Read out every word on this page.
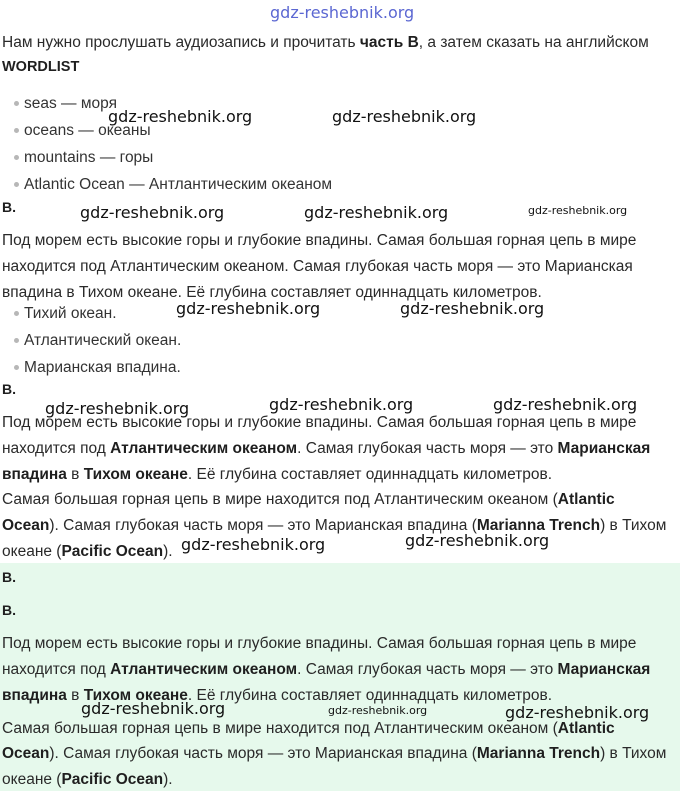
gdz-reshebnik.org
Нам нужно прослушать аудиозапись и прочитать часть B, а затем сказать на английском
WORDLIST
seas — моря
oceans — океаны
mountains — горы
Atlantic Ocean — Антлантическим океаном
B.
Под морем есть высокие горы и глубокие впадины. Самая большая горная цепь в мире
находится под Атлантическим океаном. Самая глубокая часть моря — это Марианская
впадина в Тихом океане. Её глубина составляет одиннадцать километров.
Тихий океан.
Атлантический океан.
Марианская впадина.
B.
Под морем есть высокие горы и глубокие впадины. Самая большая горная цепь в мире
находится под Атлантическим океаном. Самая глубокая часть моря — это Марианская
впадина в Тихом океане. Её глубина составляет одиннадцать километров.
Самая большая горная цепь в мире находится под Атлантическим океаном (Atlantic
Ocean). Самая глубокая часть моря — это Марианская впадина (Marianna Trench) в Тихом
океане (Pacific Ocean).
B.
B.
Под морем есть высокие горы и глубокие впадины. Самая большая горная цепь в мире
находится под Атлантическим океаном. Самая глубокая часть моря — это Марианская
впадина в Тихом океане. Её глубина составляет одиннадцать километров.
Самая большая горная цепь в мире находится под Атлантическим океаном (Atlantic
Ocean). Самая глубокая часть моря — это Марианская впадина (Marianna Trench) в Тихом
океане (Pacific Ocean).
gdz-reshebnik.org	gdz-reshebnik.org
gdz-reshebnik.org	gdz-reshebnik.org	gdz-reshebnik.org
gdz-reshebnik.org	gdz-reshebnik.org
gdz-reshebnik.org	gdz-reshebnik.org	gdz-reshebnik.org
gdz-reshebnik.org	gdz-reshebnik.org
gdz-reshebnik.org	gdz-reshebnik.org	gdz-reshebnik.org
